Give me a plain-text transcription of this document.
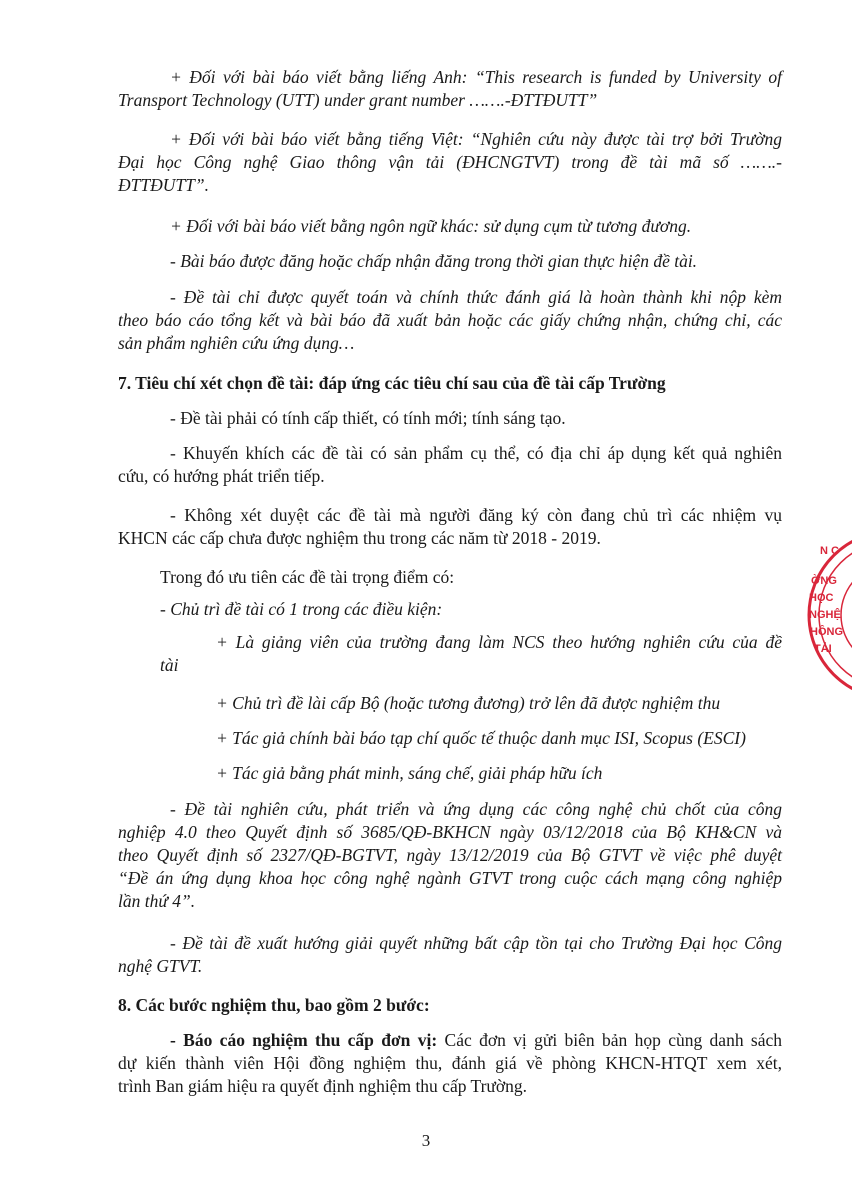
+ Đối với bài báo viết bằng liếng Anh: “This research is funded by University of
Transport Technology (UTT) under grant number …….-ĐTTĐUTT”
+ Đối với bài báo viết bằng tiếng Việt: “Nghiên cứu này được tài trợ bởi Trường
Đại học Công nghệ Giao thông vận tải (ĐHCNGTVT) trong đề tài mã số …….-
ĐTTĐUTT”.
+ Đối với bài báo viết bằng ngôn ngữ khác: sử dụng cụm từ tương đương.
- Bài báo được đăng hoặc chấp nhận đăng trong thời gian thực hiện đề tài.
- Đề tài chỉ được quyết toán và chính thức đánh giá là hoàn thành khi nộp kèm
theo báo cáo tổng kết và bài báo đã xuất bản hoặc các giấy chứng nhận, chứng chỉ, các
sản phẩm nghiên cứu ứng dụng…
7. Tiêu chí xét chọn đề tài: đáp ứng các tiêu chí sau của đề tài cấp Trường
- Đề tài phải có tính cấp thiết, có tính mới; tính sáng tạo.
- Khuyến khích các đề tài có sản phẩm cụ thể, có địa chỉ áp dụng kết quả nghiên
cứu, có hướng phát triển tiếp.
- Không xét duyệt các đề tài mà người đăng ký còn đang chủ trì các nhiệm vụ
KHCN các cấp chưa được nghiệm thu trong các năm từ 2018 - 2019.
Trong đó ưu tiên các đề tài trọng điểm có:
- Chủ trì đề tài có 1 trong các điều kiện:
+ Là giảng viên của trường đang làm NCS theo hướng nghiên cứu của đề
tài
+ Chủ trì đề lài cấp Bộ (hoặc tương đương) trở lên đã được nghiệm thu
+ Tác giả chính bài báo tạp chí quốc tế thuộc danh mục ISI, Scopus (ESCI)
+ Tác giả bằng phát minh, sáng chế, giải pháp hữu ích
- Đề tài nghiên cứu, phát triển và ứng dụng các công nghệ chủ chốt của công
nghiệp 4.0 theo Quyết định số 3685/QĐ-BKHCN ngày 03/12/2018 của Bộ KH&CN và
theo Quyết định số 2327/QĐ-BGTVT, ngày 13/12/2019 của Bộ GTVT về việc phê duyệt
“Đề án ứng dụng khoa học công nghệ ngành GTVT trong cuộc cách mạng công nghiệp
lần thứ 4”.
- Đề tài đề xuất hướng giải quyết những bất cập tồn tại cho Trường Đại học Công
nghệ GTVT.
8. Các bước nghiệm thu, bao gồm 2 bước:
- Báo cáo nghiệm thu cấp đơn vị: Các đơn vị gửi biên bản họp cùng danh sách
dự kiến thành viên Hội đồng nghiệm thu, đánh giá về phòng KHCN-HTQT xem xét,
trình Ban giám hiệu ra quyết định nghiệm thu cấp Trường.
3
N C
ỜNG
HỌC
NGHỆ
HÔNG
TẢI
